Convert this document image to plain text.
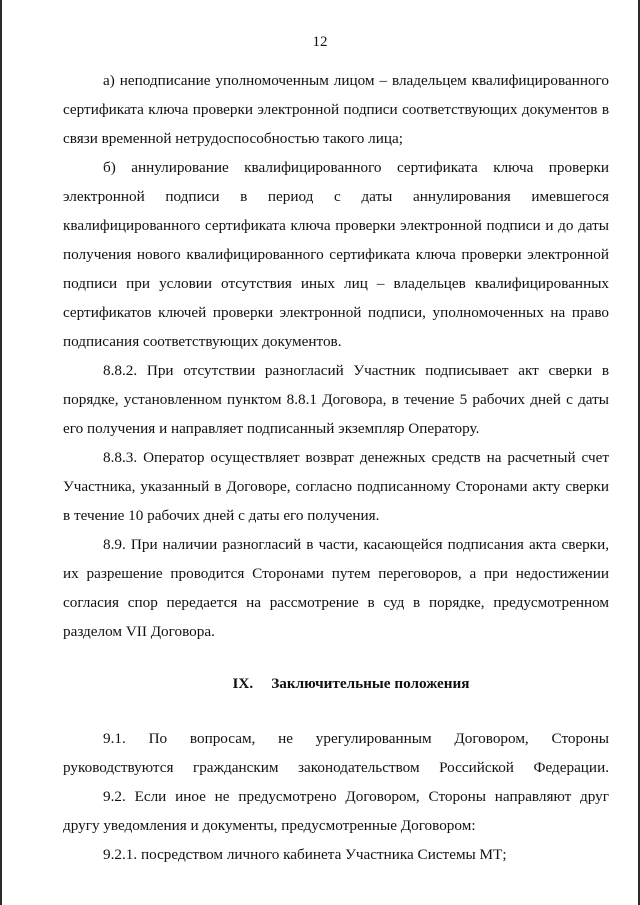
12

а) неподписание уполномоченным лицом – владельцем квалифицированного сертификата ключа проверки электронной подписи соответствующих документов в связи временной нетрудоспособностью такого лица;

б) аннулирование квалифицированного сертификата ключа проверки электронной подписи в период с даты аннулирования имевшегося квалифицированного сертификата ключа проверки электронной подписи и до даты получения нового квалифицированного сертификата ключа проверки электронной подписи при условии отсутствия иных лиц – владельцев квалифицированных сертификатов ключей проверки электронной подписи, уполномоченных на право подписания соответствующих документов.

8.8.2. При отсутствии разногласий Участник подписывает акт сверки в порядке, установленном пунктом 8.8.1 Договора, в течение 5 рабочих дней с даты его получения и направляет подписанный экземпляр Оператору.

8.8.3. Оператор осуществляет возврат денежных средств на расчетный счет Участника, указанный в Договоре, согласно подписанному Сторонами акту сверки в течение 10 рабочих дней с даты его получения.

8.9. При наличии разногласий в части, касающейся подписания акта сверки, их разрешение проводится Сторонами путем переговоров, а при недостижении согласия спор передается на рассмотрение в суд в порядке, предусмотренном разделом VII Договора.

IX. Заключительные положения

9.1. По вопросам, не урегулированным Договором, Стороны руководствуются гражданским законодательством Российской Федерации.

9.2. Если иное не предусмотрено Договором, Стороны направляют друг другу уведомления и документы, предусмотренные Договором:

9.2.1. посредством личного кабинета Участника Системы МТ;
